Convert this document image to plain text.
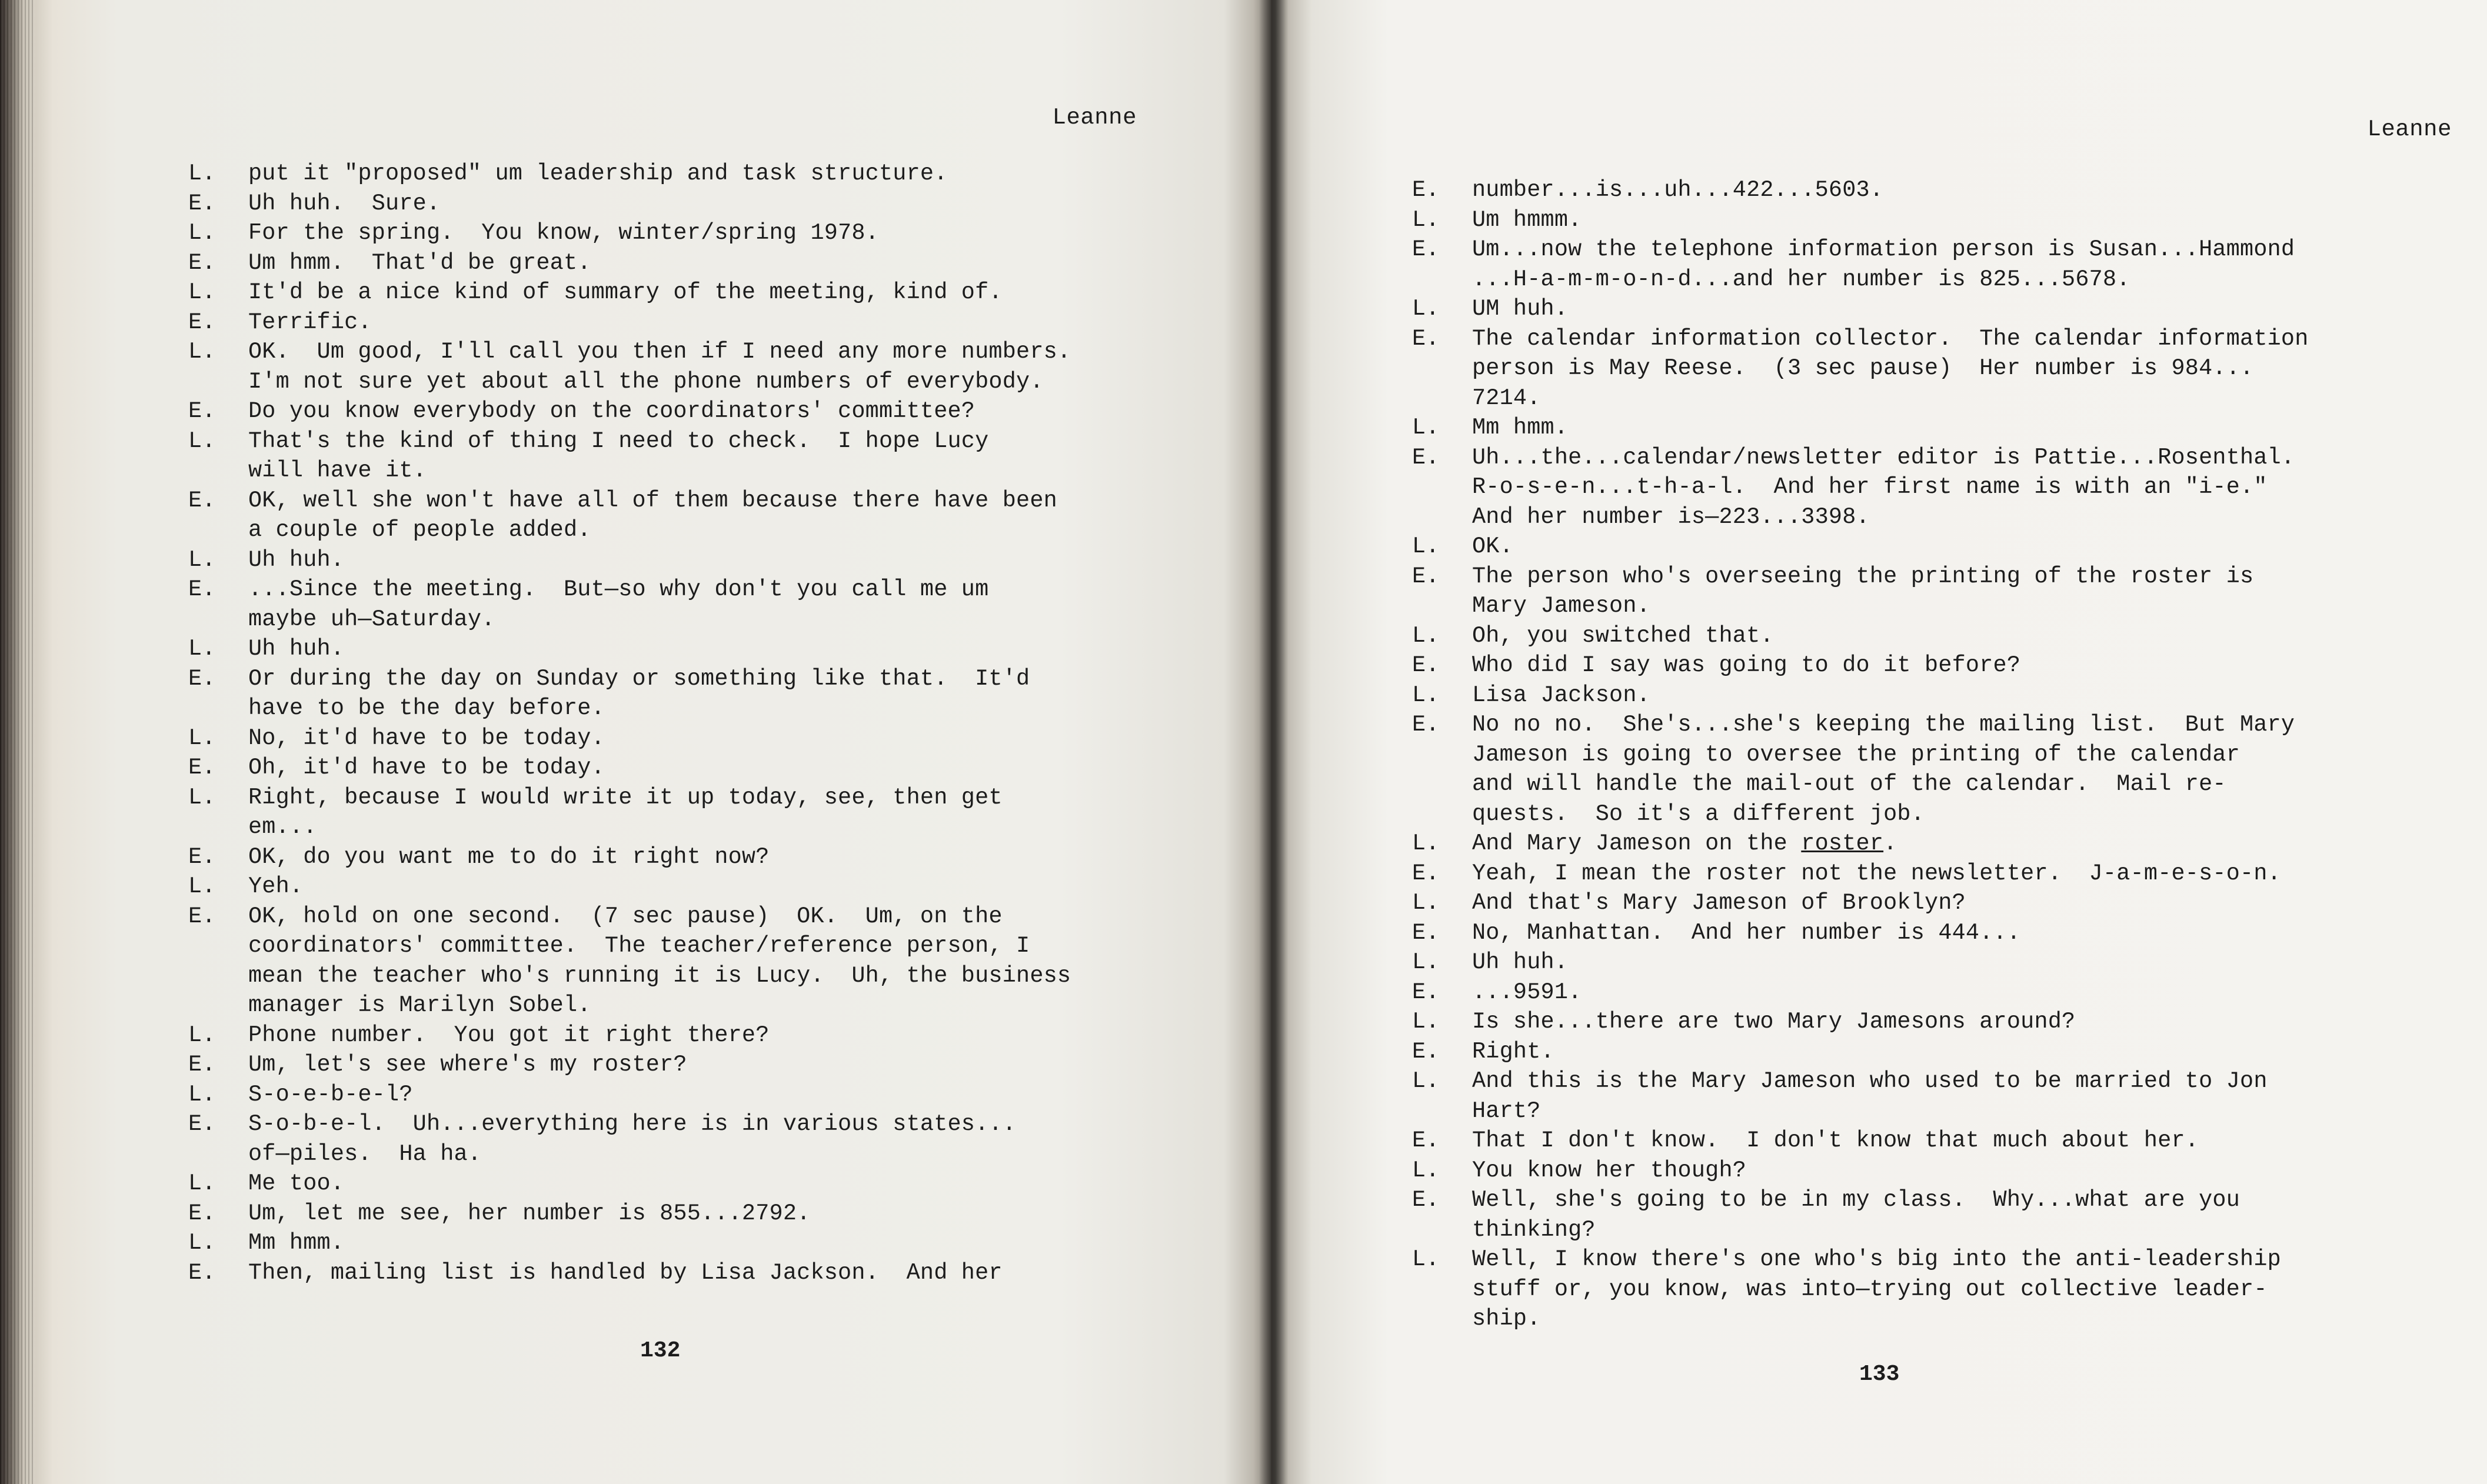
Leanne
L.	put it "proposed" um leadership and task structure.
E.	Uh huh.  Sure.
L.	For the spring.  You know, winter/spring 1978.
E.	Um hmm.  That'd be great.
L.	It'd be a nice kind of summary of the meeting, kind of.
E.	Terrific.
L.	OK.  Um good, I'll call you then if I need any more numbers.
I'm not sure yet about all the phone numbers of everybody.
E.	Do you know everybody on the coordinators' committee?
L.	That's the kind of thing I need to check.  I hope Lucy
will have it.
E.	OK, well she won't have all of them because there have been
a couple of people added.
L.	Uh huh.
E.	...Since the meeting.  But—so why don't you call me um
maybe uh—Saturday.
L.	Uh huh.
E.	Or during the day on Sunday or something like that.  It'd
have to be the day before.
L.	No, it'd have to be today.
E.	Oh, it'd have to be today.
L.	Right, because I would write it up today, see, then get
em...
E.	OK, do you want me to do it right now?
L.	Yeh.
E.	OK, hold on one second.  (7 sec pause)  OK.  Um, on the
coordinators' committee.  The teacher/reference person, I
mean the teacher who's running it is Lucy.  Uh, the business
manager is Marilyn Sobel.
L.	Phone number.  You got it right there?
E.	Um, let's see where's my roster?
L.	S-o-e-b-e-l?
E.	S-o-b-e-l.  Uh...everything here is in various states...
of—piles.  Ha ha.
L.	Me too.
E.	Um, let me see, her number is 855...2792.
L.	Mm hmm.
E.	Then, mailing list is handled by Lisa Jackson.  And her
132
Leanne
E.	number...is...uh...422...5603.
L.	Um hmmm.
E.	Um...now the telephone information person is Susan...Hammond
...H-a-m-m-o-n-d...and her number is 825...5678.
L.	UM huh.
E.	The calendar information collector.  The calendar information
person is May Reese.  (3 sec pause)  Her number is 984...
7214.
L.	Mm hmm.
E.	Uh...the...calendar/newsletter editor is Pattie...Rosenthal.
R-o-s-e-n...t-h-a-l.  And her first name is with an "i-e."
And her number is—223...3398.
L.	OK.
E.	The person who's overseeing the printing of the roster is
Mary Jameson.
L.	Oh, you switched that.
E.	Who did I say was going to do it before?
L.	Lisa Jackson.
E.	No no no.  She's...she's keeping the mailing list.  But Mary
Jameson is going to oversee the printing of the calendar
and will handle the mail-out of the calendar.  Mail re-
quests.  So it's a different job.
L.	And Mary Jameson on the roster.
E.	Yeah, I mean the roster not the newsletter.  J-a-m-e-s-o-n.
L.	And that's Mary Jameson of Brooklyn?
E.	No, Manhattan.  And her number is 444...
L.	Uh huh.
E.	...9591.
L.	Is she...there are two Mary Jamesons around?
E.	Right.
L.	And this is the Mary Jameson who used to be married to Jon
Hart?
E.	That I don't know.  I don't know that much about her.
L.	You know her though?
E.	Well, she's going to be in my class.  Why...what are you
thinking?
L.	Well, I know there's one who's big into the anti-leadership
stuff or, you know, was into—trying out collective leader-
ship.
133
